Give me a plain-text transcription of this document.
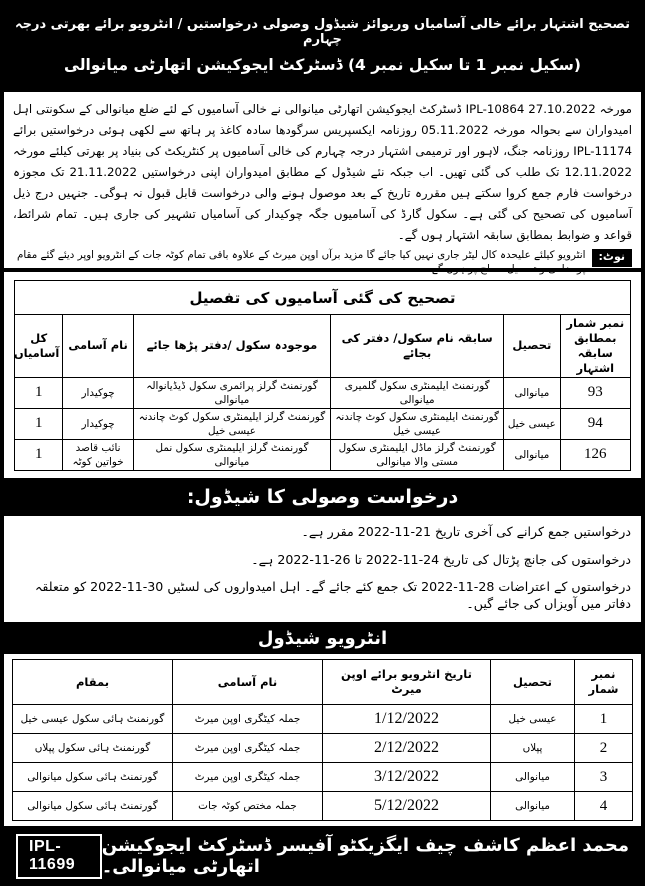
تصحیح اشتہار برائے خالی آسامیاں وریوائز شیڈول وصولی درخواستیں / انٹرویو برائے بھرتی درجہ چہارم
(سکیل نمبر 1 تا سکیل نمبر 4) ڈسٹرکٹ ایجوکیشن اتھارٹی میانوالی

مورخہ IPL-10864 27.10.2022 ڈسٹرکٹ ایجوکیشن اتھارٹی میانوالی نے خالی آسامیوں کے لئے ضلع میانوالی کے سکونتی اہل امیدواران سے بحوالہ مورخہ 05.11.2022 روزنامہ ایکسپریس سرگودھا سادہ کاغذ پر ہاتھ سے لکھی ہوئی درخواستیں برائے IPL-11174 روزنامہ جنگ، لاہور اور ترمیمی اشتہار درجہ چہارم کی خالی آسامیوں پر کنٹریکٹ کی بنیاد پر بھرتی کیلئے مورخہ 12.11.2022 تک طلب کی گئی تھیں۔ اب جبکہ نئے شیڈول کے مطابق امیدواران اپنی درخواستیں 21.11.2022 تک مجوزہ درخواست فارم جمع کروا سکتے ہیں مقررہ تاریخ کے بعد موصول ہونے والی درخواست قابل قبول نہ ہوگی۔ جنہیں درج ذیل آسامیوں کی تصحیح کی گئی ہے۔ سکول گارڈ کی آسامیوں جگہ چوکیدار کی آسامیاں تشہیر کی جاری ہیں۔ تمام شرائط، قواعد و ضوابط بمطابق سابقہ اشتہار ہوں گے۔

نوٹ:
انٹرویو کیلئے علیحدہ کال لیٹر جاری نہیں کیا جائے گا مزید برآں اوپن میرٹ کے علاوہ باقی تمام کوٹہ جات کے انٹرویو اوپر دیئے گئے مقام پر ضلعی و تحصیل سطح پر ہوں گے
تصحیح کی گئی آسامیوں کی تفصیل					
نمبر شمار بمطابق سابقہ اشتہار	تحصیل	سابقہ نام سکول/ دفتر کی بجائے	موجودہ سکول /دفتر پڑھا جائے	نام آسامی	کل آسامیاں
93	میانوالی	گورنمنٹ ایلیمنٹری سکول گلمیری میانوالی	گورنمنٹ گرلز پرائمری سکول ڈیڈیانوالہ میانوالی	چوکیدار	1
94	عیسی خیل	گورنمنٹ ایلیمنٹری سکول کوٹ چاندنہ عیسی خیل	گورنمنٹ گرلز ایلیمنٹری سکول کوٹ چاندنہ عیسی خیل	چوکیدار	1
126	میانوالی	گورنمنٹ گرلز ماڈل ایلیمنٹری سکول مستی والا میانوالی	گورنمنٹ گرلز ایلیمنٹری سکول نمل میانوالی	نائب قاصد خواتین کوٹہ	1
درخواست وصولی کا شیڈول:
درخواستیں جمع کرانے کی آخری تاریخ 21-11-2022 مقرر ہے۔
درخواستوں کی جانچ پڑتال کی تاریخ 24-11-2022 تا 26-11-2022 ہے۔
درخواستوں کے اعتراضات 28-11-2022 تک جمع کئے جائے گے۔ اہل امیدواروں کی لسٹیں 30-11-2022 کو متعلقہ دفاتر میں آویزاں کی جائے گیں۔
انٹرویو شیڈول
نمبر شمار	تحصیل	تاریخ انٹرویو برائے اوپن میرٹ	نام آسامی	بمقام
1	عیسی خیل	1/12/2022	جملہ کیٹگری اوپن میرٹ	گورنمنٹ ہائی سکول عیسی خیل
2	پپلاں	2/12/2022	جملہ کیٹگری اوپن میرٹ	گورنمنٹ ہائی سکول پپلاں
3	میانوالی	3/12/2022	جملہ کیٹگری اوپن میرٹ	گورنمنٹ ہائی سکول میانوالی
4	میانوالی	5/12/2022	جملہ مختص کوٹہ جات	گورنمنٹ ہائی سکول میانوالی
IPL-11699
محمد اعظم کاشف چیف ایگزیکٹو آفیسر ڈسٹرکٹ ایجوکیشن اتھارٹی میانوالی۔
